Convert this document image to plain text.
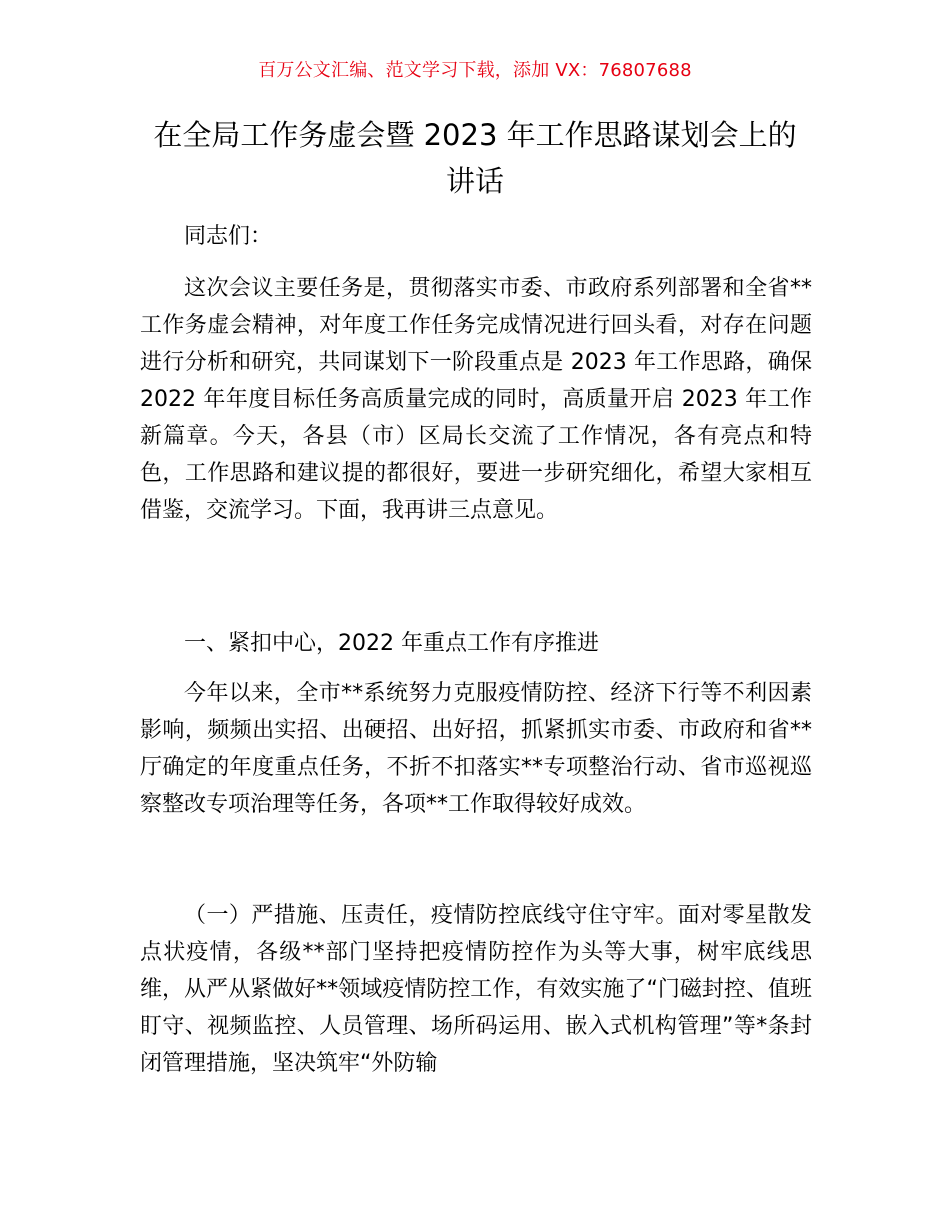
百万公文汇编、范文学习下载，添加 VX：76807688
在全局工作务虚会暨 2023 年工作思路谋划会上的讲话

同志们：

这次会议主要任务是，贯彻落实市委、市政府系列部署和全省**工作务虚会精神，对年度工作任务完成情况进行回头看，对存在问题进行分析和研究，共同谋划下一阶段重点是 2023 年工作思路，确保 2022 年年度目标任务高质量完成的同时，高质量开启 2023 年工作新篇章。今天，各县（市）区局长交流了工作情况，各有亮点和特色，工作思路和建议提的都很好，要进一步研究细化，希望大家相互借鉴，交流学习。下面，我再讲三点意见。

一、紧扣中心，2022 年重点工作有序推进

今年以来，全市**系统努力克服疫情防控、经济下行等不利因素影响，频频出实招、出硬招、出好招，抓紧抓实市委、市政府和省**厅确定的年度重点任务，不折不扣落实**专项整治行动、省市巡视巡察整改专项治理等任务，各项**工作取得较好成效。

（一）严措施、压责任，疫情防控底线守住守牢。面对零星散发点状疫情，各级**部门坚持把疫情防控作为头等大事，树牢底线思维，从严从紧做好**领域疫情防控工作，有效实施了“门磁封控、值班盯守、视频监控、人员管理、场所码运用、嵌入式机构管理”等*条封闭管理措施，坚决筑牢“外防输
